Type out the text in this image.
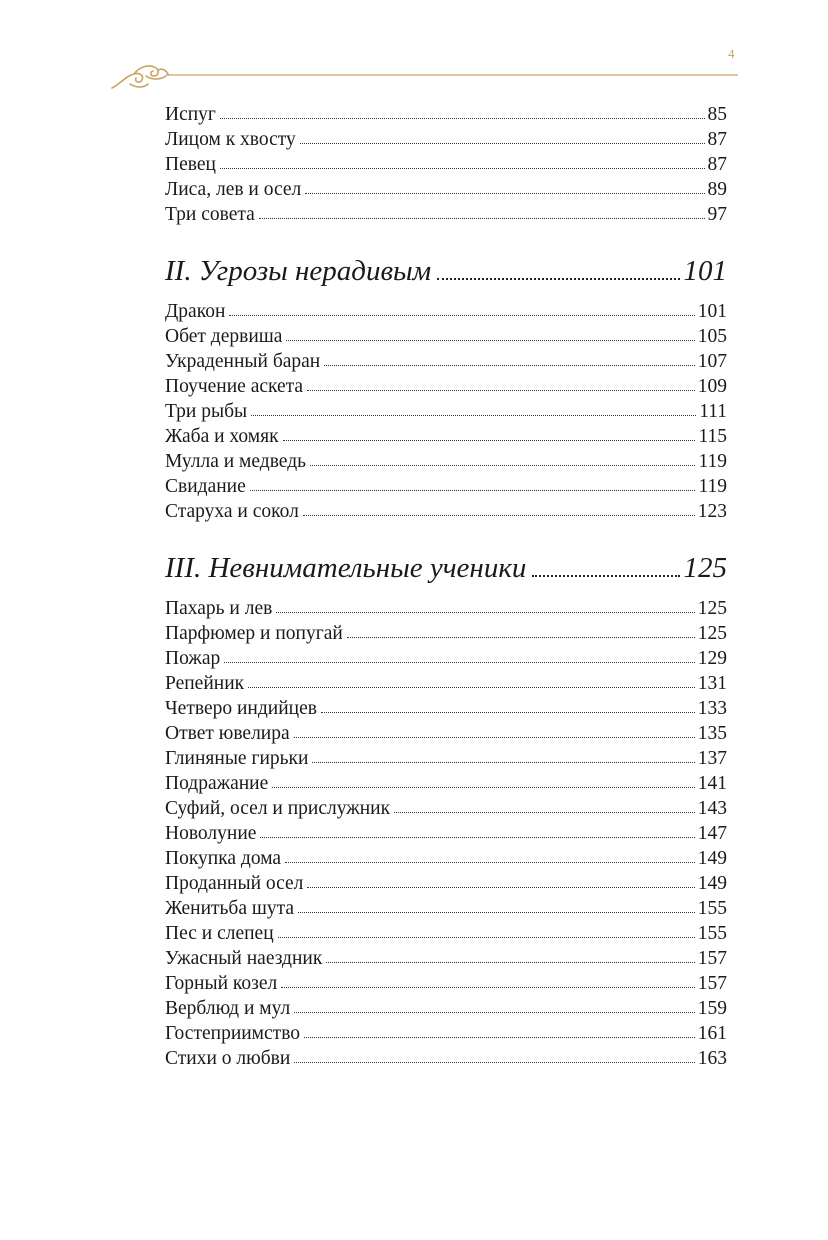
4
Испуг	85
Лицом к хвосту	87
Певец	87
Лиса, лев и осел	89
Три совета	97
II. Угрозы нерадивым	101
Дракон	101
Обет дервиша	105
Украденный баран	107
Поучение аскета	109
Три рыбы	111
Жаба и хомяк	115
Мулла и медведь	119
Свидание	119
Старуха и сокол	123
III. Невнимательные ученики	125
Пахарь и лев	125
Парфюмер и попугай	125
Пожар	129
Репейник	131
Четверо индийцев	133
Ответ ювелира	135
Глиняные гирьки	137
Подражание	141
Суфий, осел и прислужник	143
Новолуние	147
Покупка дома	149
Проданный осел	149
Женитьба шута	155
Пес и слепец	155
Ужасный наездник	157
Горный козел	157
Верблюд и мул	159
Гостеприимство	161
Стихи о любви	163
